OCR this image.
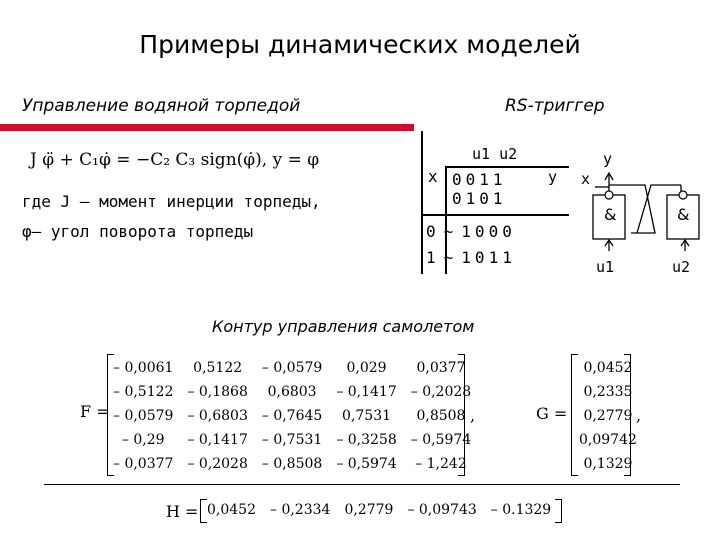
Примеры динамических моделей
Управление водяной торпедой
J φ̈ + C₁φ̇ = −C₂ C₃ sign(φ̇), y = φ
где J – момент инерции торпеды,
φ– угол поворота торпеды
RS-триггер
u1 u2
x	y
0	0	1	1
0	1	0	1
0	~	1	0	0	0
1	~	1	0	1	1
y
x
&	&
u1	u2
Контур управления самолетом
F =
– 0,0061	0,5122	– 0,0579	0,029	0,0377
– 0,5122	– 0,1868	0,6803	– 0,1417	– 0,2028
– 0,0579	– 0,6803	– 0,7645	0,7531	0,8508
– 0,29	– 0,1417	– 0,7531	– 0,3258	– 0,5974
– 0,0377	– 0,2028	– 0,8508	– 0,5974	– 1,242
,	G =
0,0452
0,2335
0,2779
0,09742
0,1329
,
H = 0,0452	– 0,2334	0,2779	– 0,09743	– 0.1329
